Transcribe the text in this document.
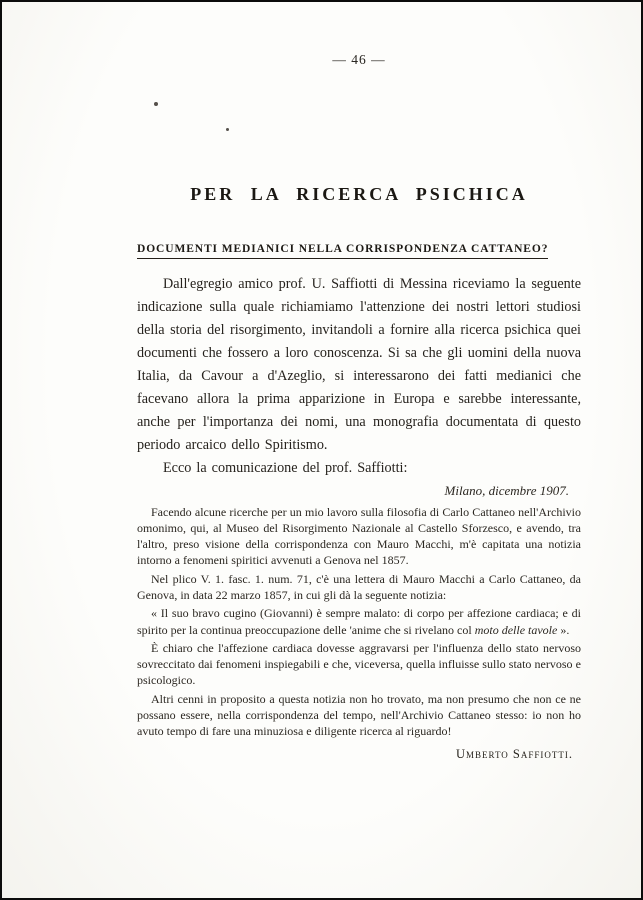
— 46 —
PER LA RICERCA PSICHICA
DOCUMENTI MEDIANICI NELLA CORRISPONDENZA CATTANEO?

Dall'egregio amico prof. U. Saffiotti di Messina riceviamo la seguente indicazione sulla quale richiamiamo l'attenzione dei nostri lettori studiosi della storia del risorgimento, invitandoli a fornire alla ricerca psichica quei documenti che fossero a loro conoscenza. Si sa che gli uomini della nuova Italia, da Cavour a d'Azeglio, si interessarono dei fatti medianici che facevano allora la prima apparizione in Europa e sarebbe interessante, anche per l'importanza dei nomi, una monografia documentata di questo periodo arcaico dello Spiritismo.

Ecco la comunicazione del prof. Saffiotti:

Milano, dicembre 1907.

Facendo alcune ricerche per un mio lavoro sulla filosofia di Carlo Cattaneo nell'Archivio omonimo, qui, al Museo del Risorgimento Nazionale al Castello Sforzesco, e avendo, tra l'altro, preso visione della corrispondenza con Mauro Macchi, m'è capitata una notizia intorno a fenomeni spiritici avvenuti a Genova nel 1857.

Nel plico V. 1. fasc. 1. num. 71, c'è una lettera di Mauro Macchi a Carlo Cattaneo, da Genova, in data 22 marzo 1857, in cui gli dà la seguente notizia:

« Il suo bravo cugino (Giovanni) è sempre malato: di corpo per affezione cardiaca; e di spirito per la continua preoccupazione delle 'anime che si rivelano col moto delle tavole ».

È chiaro che l'affezione cardiaca dovesse aggravarsi per l'influenza dello stato nervoso sovreccitato dai fenomeni inspiegabili e che, viceversa, quella influisse sullo stato nervoso e psicologico.

Altri cenni in proposito a questa notizia non ho trovato, ma non presumo che non ce ne possano essere, nella corrispondenza del tempo, nell'Archivio Cattaneo stesso: io non ho avuto tempo di fare una minuziosa e diligente ricerca al riguardo!

Umberto Saffiotti.
